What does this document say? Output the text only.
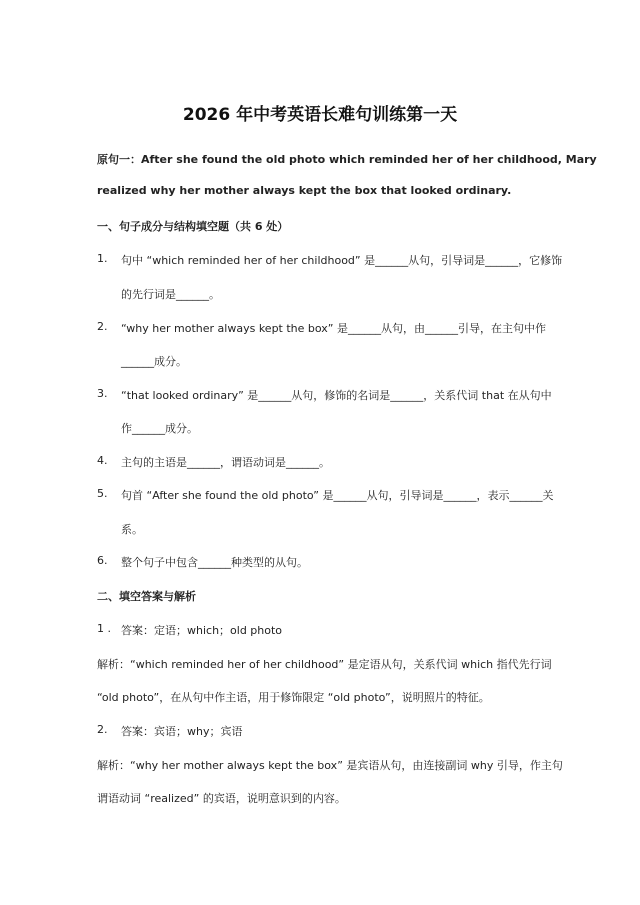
2026 年中考英语长难句训练第一天
原句一：After she found the old photo which reminded her of her childhood, Mary
realized why her mother always kept the box that looked ordinary.
一、句子成分与结构填空题（共 6 处）
1. 句中 “which reminded her of her childhood” 是______从句，引导词是______，它修饰
的先行词是______。
2. “why her mother always kept the box” 是______从句，由______引导，在主句中作
______成分。
3. “that looked ordinary” 是______从句，修饰的名词是______，关系代词 that 在从句中
作______成分。
4. 主句的主语是______，谓语动词是______。
5. 句首 “After she found the old photo” 是______从句，引导词是______，表示______关
系。
6. 整个句子中包含______种类型的从句。
二、填空答案与解析
1 . 答案：定语；which；old photo
解析：“which reminded her of her childhood” 是定语从句，关系代词 which 指代先行词
“old photo”，在从句中作主语，用于修饰限定 “old photo”，说明照片的特征。
2. 答案：宾语；why；宾语
解析：“why her mother always kept the box” 是宾语从句，由连接副词 why 引导，作主句
谓语动词 “realized” 的宾语，说明意识到的内容。
